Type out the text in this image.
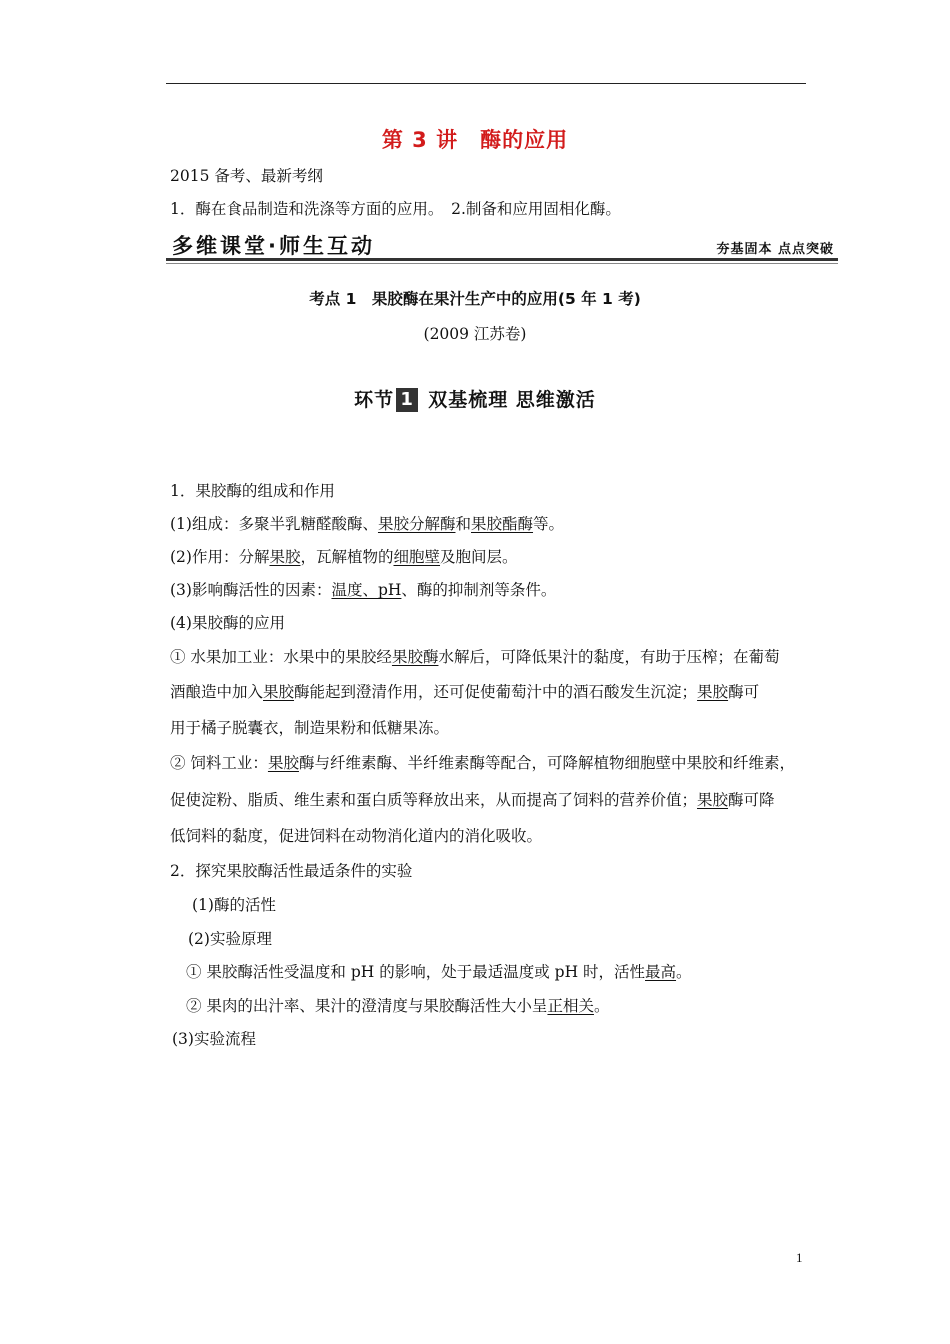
第 3 讲　酶的应用
2015 备考、最新考纲
1．酶在食品制造和洗涤等方面的应用。　2.制备和应用固相化酶。
多维课堂·师生互动	夯基固本 点点突破
考点 1　果胶酶在果汁生产中的应用(5 年 1 考)
(2009 江苏卷)
环节 1 双基梳理 思维激活
1．果胶酶的组成和作用
(1)组成：多聚半乳糖醛酸酶、果胶分解酶和果胶酯酶等。
(2)作用：分解果胶，瓦解植物的细胞壁及胞间层。
(3)影响酶活性的因素：温度、pH、酶的抑制剂等条件。
(4)果胶酶的应用
① 水果加工业：水果中的果胶经果胶酶水解后，可降低果汁的黏度，有助于压榨；在葡萄
酒酿造中加入果胶酶能起到澄清作用，还可促使葡萄汁中的酒石酸发生沉淀；果胶酶可
用于橘子脱囊衣，制造果粉和低糖果冻。
② 饲料工业：果胶酶与纤维素酶、半纤维素酶等配合，可降解植物细胞壁中果胶和纤维素，
促使淀粉、脂质、维生素和蛋白质等释放出来，从而提高了饲料的营养价值；果胶酶可降
低饲料的黏度，促进饲料在动物消化道内的消化吸收。
2．探究果胶酶活性最适条件的实验
(1)酶的活性
(2)实验原理
① 果胶酶活性受温度和 pH 的影响，处于最适温度或 pH 时，活性最高。
② 果肉的出汁率、果汁的澄清度与果胶酶活性大小呈正相关。
(3)实验流程
1
